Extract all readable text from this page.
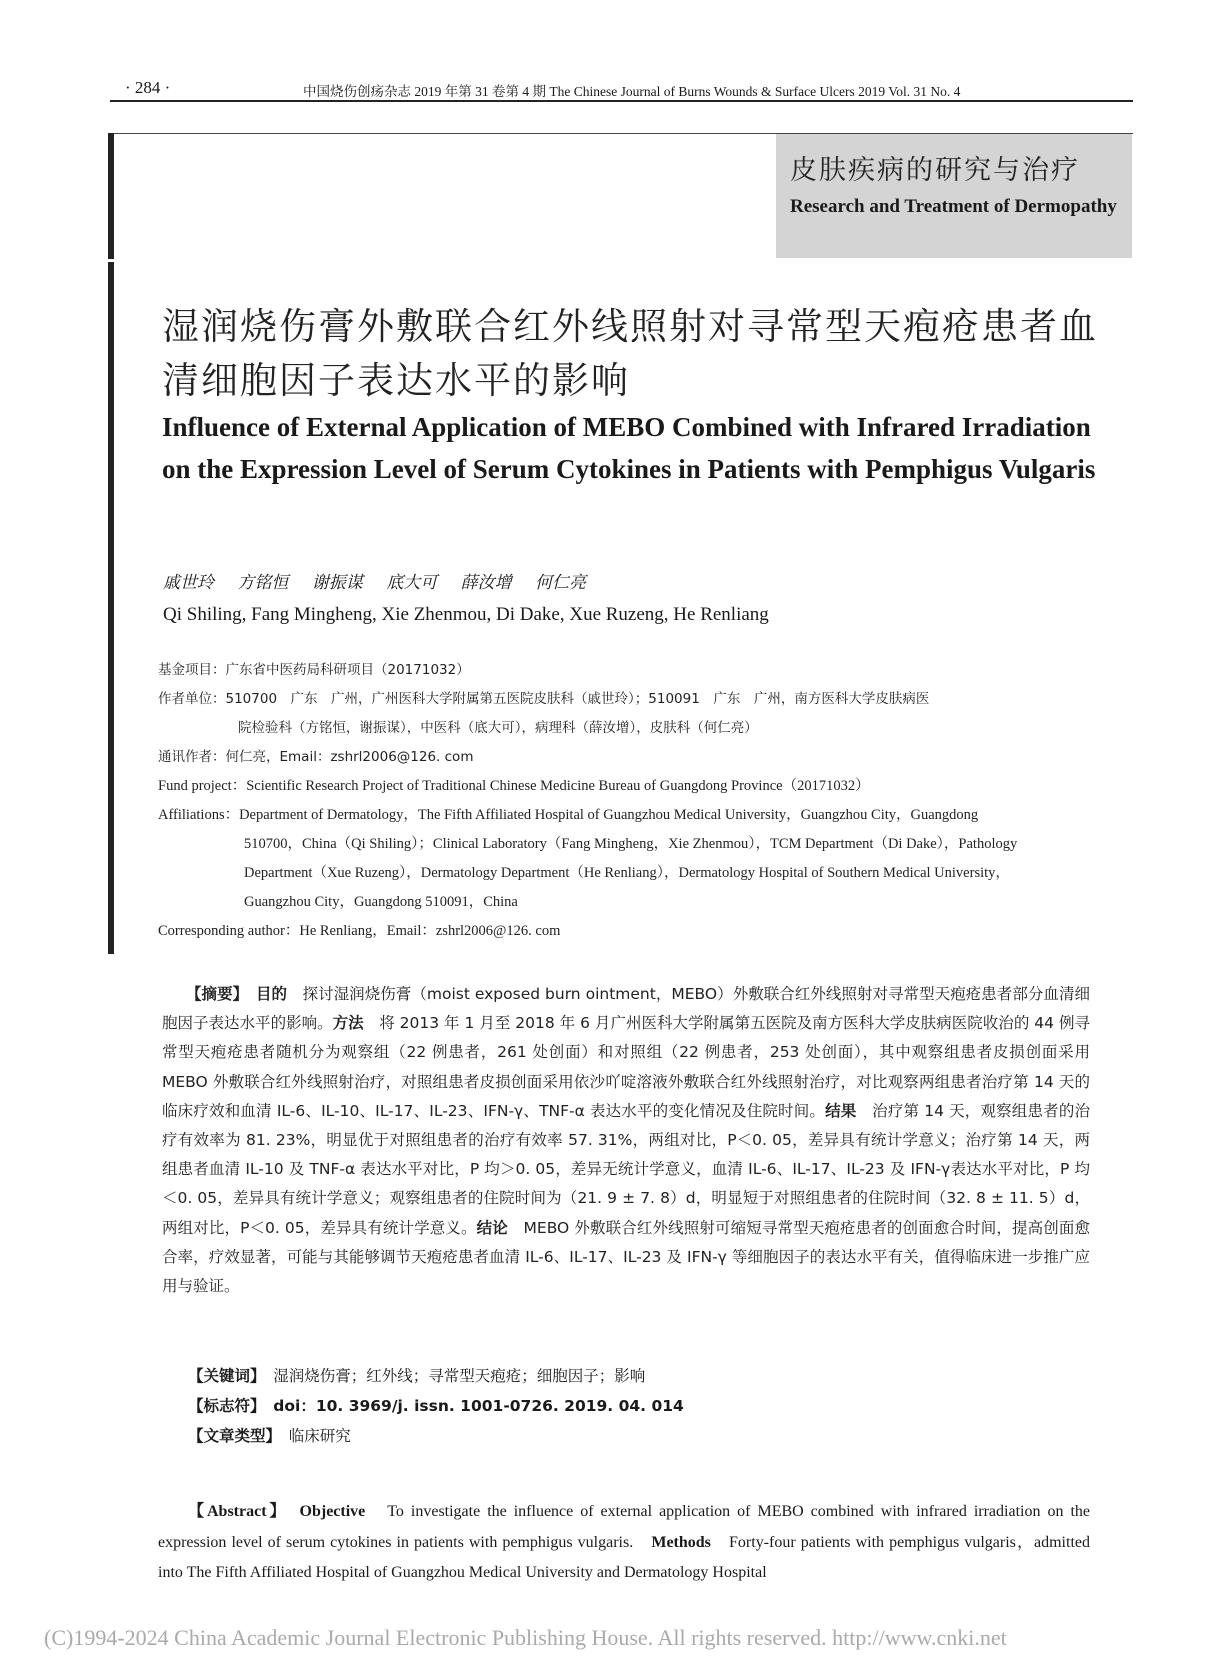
· 284 ·	中国烧伤创疡杂志 2019 年第 31 卷第 4 期 The Chinese Journal of Burns Wounds & Surface Ulcers 2019 Vol. 31 No. 4
皮肤疾病的研究与治疗
Research and Treatment of Dermopathy
湿润烧伤膏外敷联合红外线照射对寻常型天疱疮患者血清细胞因子表达水平的影响
Influence of External Application of MEBO Combined with Infrared Irradiation on the Expression Level of Serum Cytokines in Patients with Pemphigus Vulgaris
戚世玲 方铭恒 谢振谋 底大可 薛汝增 何仁亮
Qi Shiling, Fang Mingheng, Xie Zhenmou, Di Dake, Xue Ruzeng, He Renliang
基金项目：广东省中医药局科研项目（20171032）
作者单位：510700　广东　广州，广州医科大学附属第五医院皮肤科（戚世玲）；510091　广东　广州，南方医科大学皮肤病医
院检验科（方铭恒，谢振谋），中医科（底大可），病理科（薛汝增），皮肤科（何仁亮）
通讯作者：何仁亮，Email：zshrl2006@126. com
Fund project：Scientific Research Project of Traditional Chinese Medicine Bureau of Guangdong Province（20171032）
Affiliations：Department of Dermatology，The Fifth Affiliated Hospital of Guangzhou Medical University，Guangzhou City，Guangdong
510700，China（Qi Shiling）；Clinical Laboratory（Fang Mingheng，Xie Zhenmou），TCM Department（Di Dake），Pathology
Department（Xue Ruzeng），Dermatology Department（He Renliang），Dermatology Hospital of Southern Medical University，
Guangzhou City，Guangdong 510091，China
Corresponding author：He Renliang，Email：zshrl2006@126. com
【摘要】　 目的　 探讨湿润烧伤膏（moist exposed burn ointment，MEBO）外敷联合红外线照射对寻常型天疱疮患者部分血清细胞因子表达水平的影响。方法　 将 2013 年 1 月至 2018 年 6 月广州医科大学附属第五医院及南方医科大学皮肤病医院收治的 44 例寻常型天疱疮患者随机分为观察组（22 例患者，261 处创面）和对照组（22 例患者，253 处创面），其中观察组患者皮损创面采用 MEBO 外敷联合红外线照射治疗，对照组患者皮损创面采用依沙吖啶溶液外敷联合红外线照射治疗，对比观察两组患者治疗第 14 天的临床疗效和血清 IL-6、IL-10、IL-17、IL-23、IFN-γ、TNF-α 表达水平的变化情况及住院时间。结果　 治疗第 14 天，观察组患者的治疗有效率为 81. 23%，明显优于对照组患者的治疗有效率 57. 31%，两组对比，P＜0. 05，差异具有统计学意义；治疗第 14 天，两组患者血清 IL-10 及 TNF-α 表达水平对比，P 均＞0. 05，差异无统计学意义，血清 IL-6、IL-17、IL-23 及 IFN-γ表达水平对比，P 均＜0. 05，差异具有统计学意义；观察组患者的住院时间为（21. 9 ± 7. 8）d，明显短于对照组患者的住院时间（32. 8 ± 11. 5）d，两组对比，P＜0. 05，差异具有统计学意义。结论　 MEBO 外敷联合红外线照射可缩短寻常型天疱疮患者的创面愈合时间，提高创面愈合率，疗效显著，可能与其能够调节天疱疮患者血清 IL-6、IL-17、IL-23 及 IFN-γ 等细胞因子的表达水平有关，值得临床进一步推广应用与验证。
【关键词】　 湿润烧伤膏；红外线；寻常型天疱疮；细胞因子；影响
【标志符】　 doi：10. 3969/j. issn. 1001-0726. 2019. 04. 014
【文章类型】　 临床研究
【Abstract】　 Objective　 To investigate the influence of external application of MEBO combined with infrared irradiation on the expression level of serum cytokines in patients with pemphigus vulgaris.　 Methods　 Forty-four patients with pemphigus vulgaris，admitted into The Fifth Affiliated Hospital of Guangzhou Medical University and Dermatology Hospital
(C)1994-2024 China Academic Journal Electronic Publishing House. All rights reserved. http://www.cnki.net
